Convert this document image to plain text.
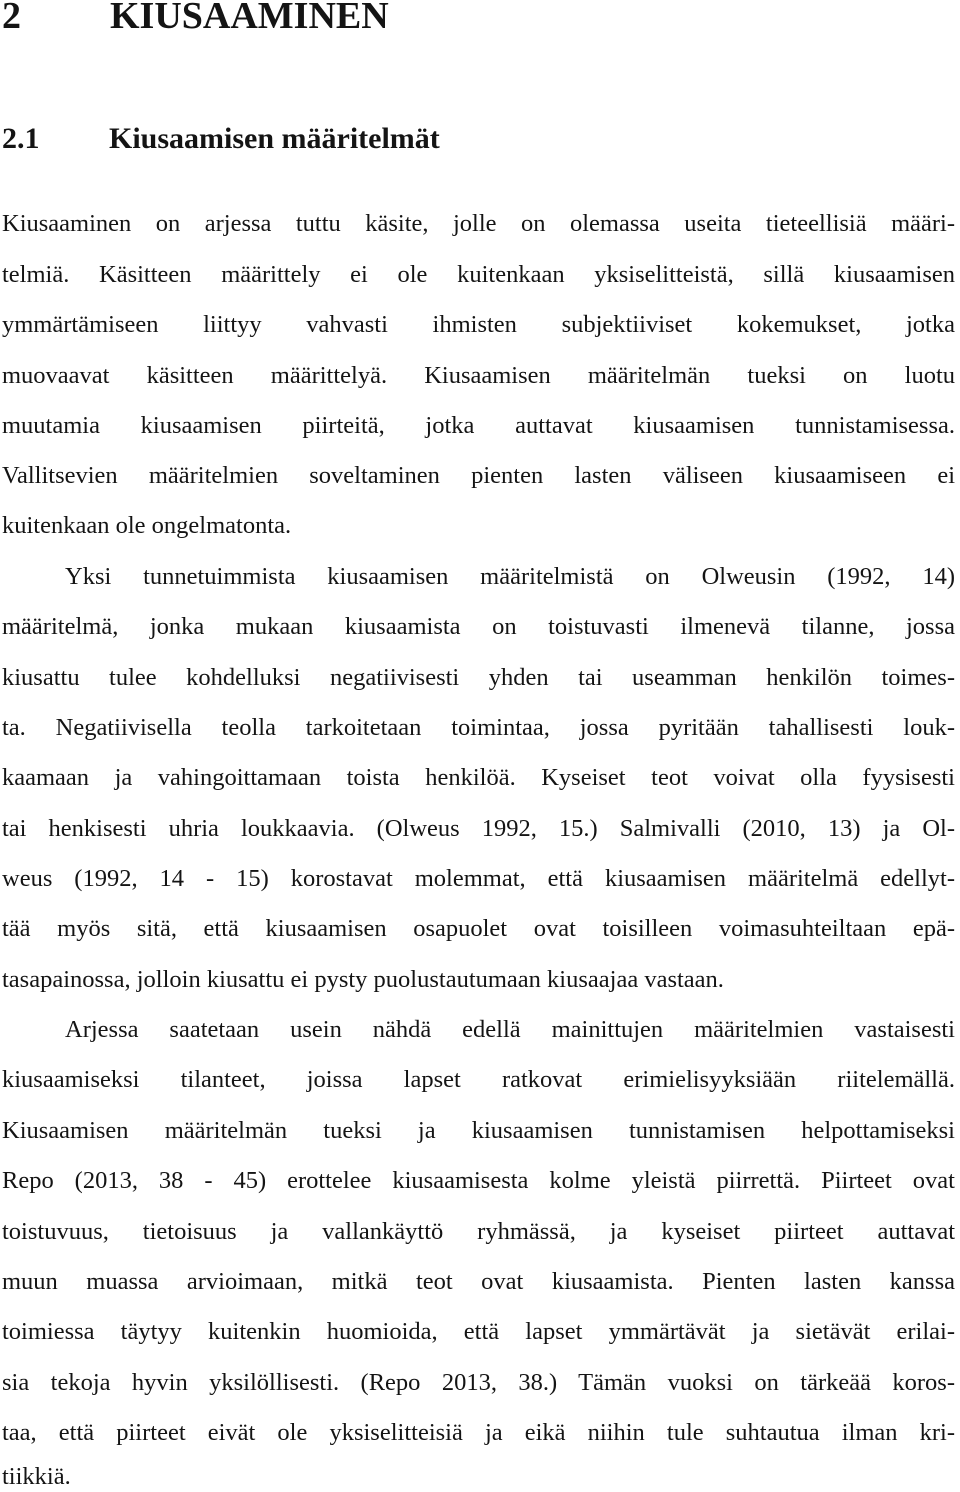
2 KIUSAAMINEN
2.1 Kiusaamisen määritelmät
Kiusaaminen on arjessa tuttu käsite, jolle on olemassa useita tieteellisiä määri-
telmiä. Käsitteen määrittely ei ole kuitenkaan yksiselitteistä, sillä kiusaamisen
ymmärtämiseen liittyy vahvasti ihmisten subjektiiviset kokemukset, jotka
muovaavat käsitteen määrittelyä. Kiusaamisen määritelmän tueksi on luotu
muutamia kiusaamisen piirteitä, jotka auttavat kiusaamisen tunnistamisessa.
Vallitsevien määritelmien soveltaminen pienten lasten väliseen kiusaamiseen ei
kuitenkaan ole ongelmatonta.
Yksi tunnetuimmista kiusaamisen määritelmistä on Olweusin (1992, 14)
määritelmä, jonka mukaan kiusaamista on toistuvasti ilmenevä tilanne, jossa
kiusattu tulee kohdelluksi negatiivisesti yhden tai useamman henkilön toimes-
ta. Negatiivisella teolla tarkoitetaan toimintaa, jossa pyritään tahallisesti louk-
kaamaan ja vahingoittamaan toista henkilöä. Kyseiset teot voivat olla fyysisesti
tai henkisesti uhria loukkaavia. (Olweus 1992, 15.) Salmivalli (2010, 13) ja Ol-
weus (1992, 14 - 15) korostavat molemmat, että kiusaamisen määritelmä edellyt-
tää myös sitä, että kiusaamisen osapuolet ovat toisilleen voimasuhteiltaan epä-
tasapainossa, jolloin kiusattu ei pysty puolustautumaan kiusaajaa vastaan.
Arjessa saatetaan usein nähdä edellä mainittujen määritelmien vastaisesti
kiusaamiseksi tilanteet, joissa lapset ratkovat erimielisyyksiään riitelemällä.
Kiusaamisen määritelmän tueksi ja kiusaamisen tunnistamisen helpottamiseksi
Repo (2013, 38 - 45) erottelee kiusaamisesta kolme yleistä piirrettä. Piirteet ovat
toistuvuus, tietoisuus ja vallankäyttö ryhmässä, ja kyseiset piirteet auttavat
muun muassa arvioimaan, mitkä teot ovat kiusaamista. Pienten lasten kanssa
toimiessa täytyy kuitenkin huomioida, että lapset ymmärtävät ja sietävät erilai-
sia tekoja hyvin yksilöllisesti. (Repo 2013, 38.) Tämän vuoksi on tärkeää koros-
taa, että piirteet eivät ole yksiselitteisiä ja eikä niihin tule suhtautua ilman kri-
tiikkiä.
